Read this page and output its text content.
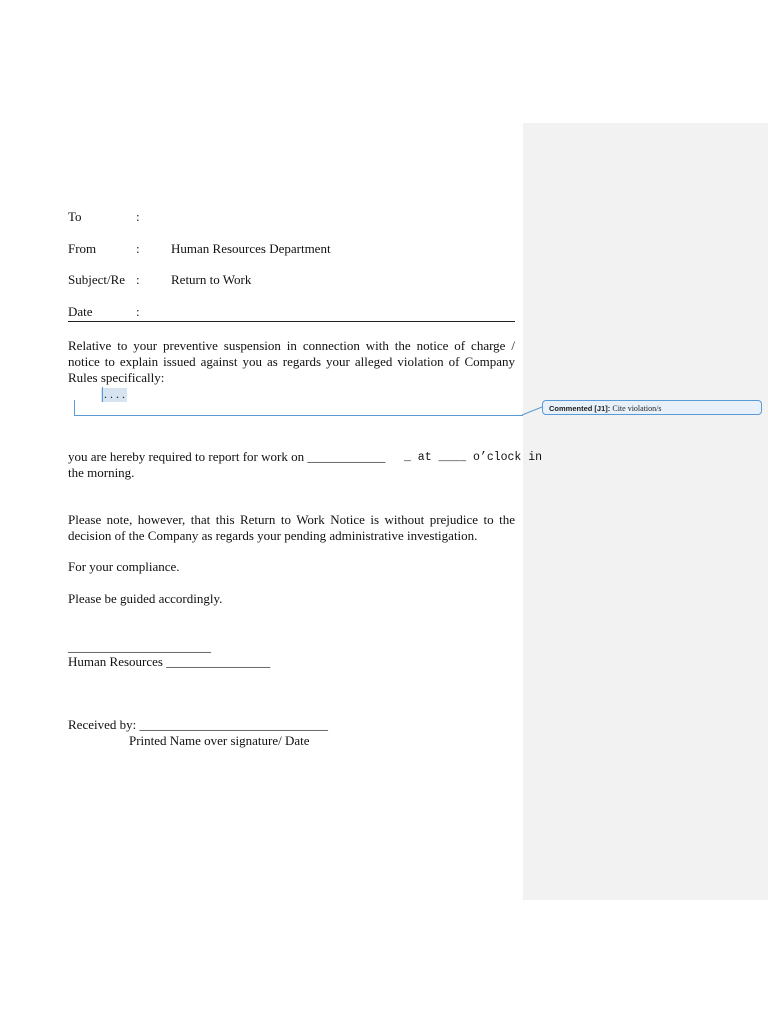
To	:
From	: Human Resources Department
Subject/Re : Return to Work
Date	:
Relative to your preventive suspension in connection with the notice of charge / notice to explain issued against you as regards your alleged violation of Company Rules specifically:
. . . .
Commented [J1]: Cite violation/s
you are hereby required to report for work on ____________ _ at ____ o’clock in
the morning.
Please note, however, that this Return to Work Notice is without prejudice to the decision of the Company as regards your pending administrative investigation.
For your compliance.
Please be guided accordingly.
______________________
Human Resources ________________
Received by: _____________________________
Printed Name over signature/ Date
